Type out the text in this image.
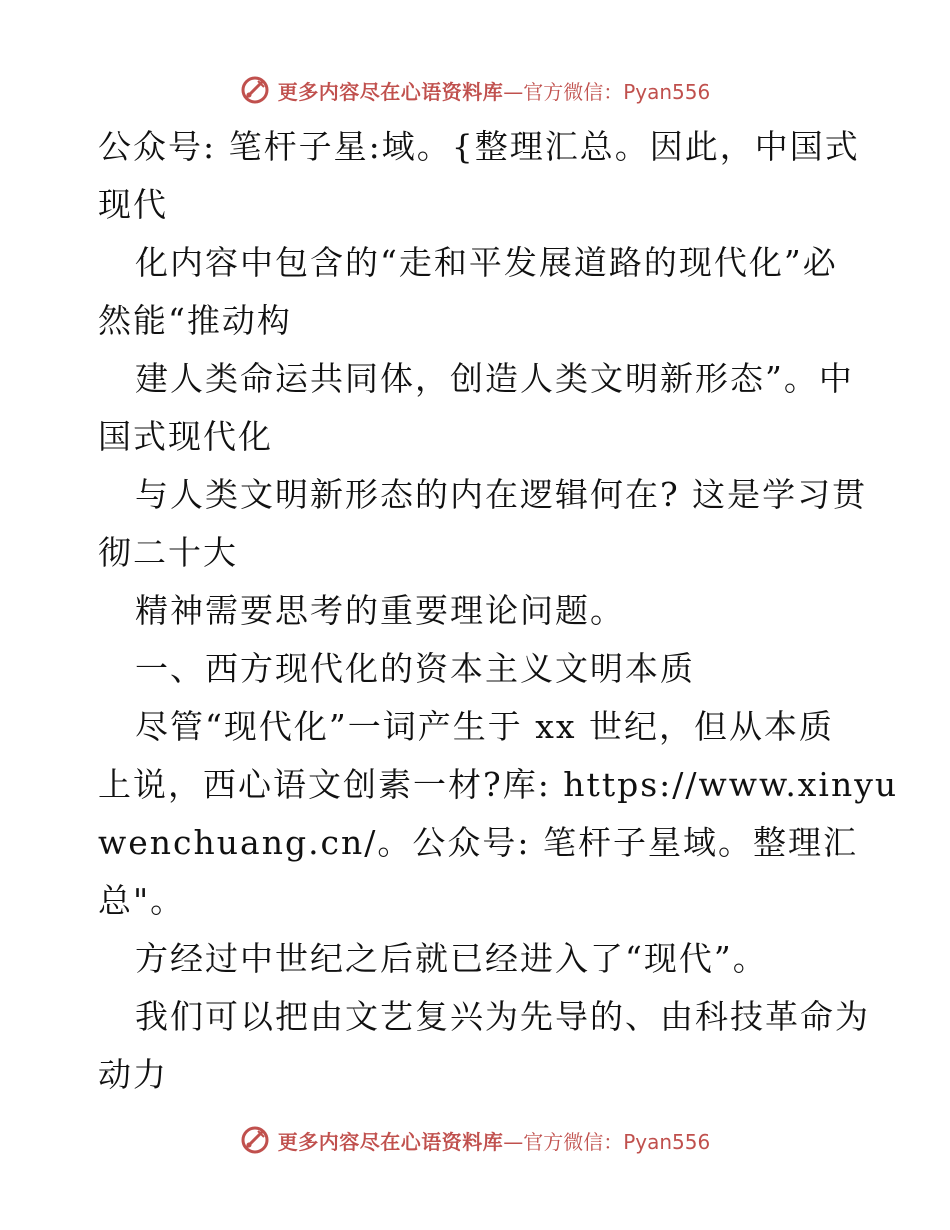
更多内容尽在心语资料库 —官方微信：Pyan556
公众号: 笔杆子星:域。{整理汇总。因此，中国式
现代
化内容中包含的“走和平发展道路的现代化”必
然能“推动构
建人类命运共同体，创造人类文明新形态”。中
国式现代化
与人类文明新形态的内在逻辑何在? 这是学习贯
彻二十大
精神需要思考的重要理论问题。
一、西方现代化的资本主义文明本质
尽管“现代化”一词产生于 xx 世纪，但从本质
上说，西心语文创素一材?库: https://www.xinyu
wenchuang.cn/。公众号: 笔杆子星域。整理汇
总"。
方经过中世纪之后就已经进入了“现代”。
我们可以把由文艺复兴为先导的、由科技革命为
动力
更多内容尽在心语资料库 —官方微信：Pyan556
